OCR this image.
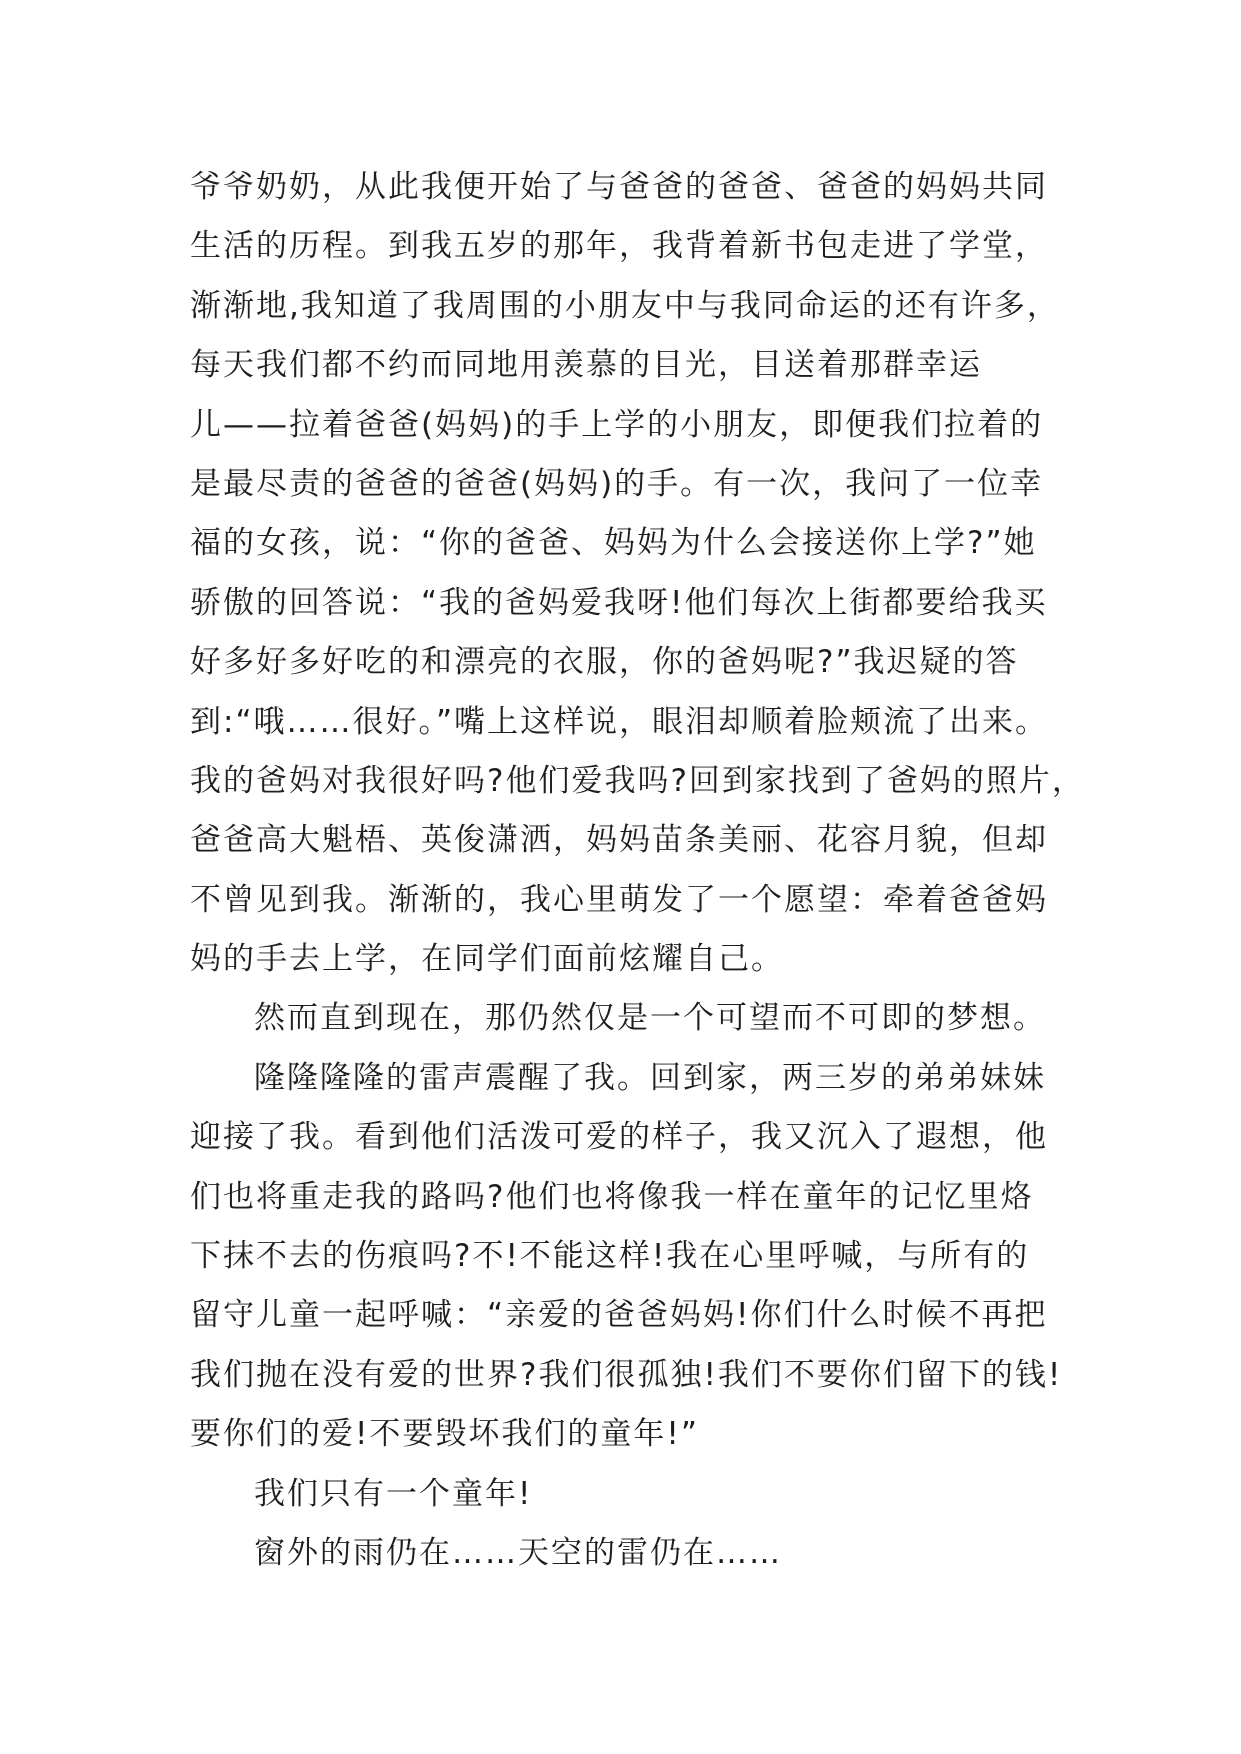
爷爷奶奶，从此我便开始了与爸爸的爸爸、爸爸的妈妈共同
生活的历程。到我五岁的那年，我背着新书包走进了学堂，
渐渐地,我知道了我周围的小朋友中与我同命运的还有许多，
每天我们都不约而同地用羡慕的目光，目送着那群幸运
儿——拉着爸爸(妈妈)的手上学的小朋友，即便我们拉着的
是最尽责的爸爸的爸爸(妈妈)的手。有一次，我问了一位幸
福的女孩，说：“你的爸爸、妈妈为什么会接送你上学?”她
骄傲的回答说：“我的爸妈爱我呀!他们每次上街都要给我买
好多好多好吃的和漂亮的衣服，你的爸妈呢?”我迟疑的答
到:“哦……很好。”嘴上这样说，眼泪却顺着脸颊流了出来。
我的爸妈对我很好吗?他们爱我吗?回到家找到了爸妈的照片，
爸爸高大魁梧、英俊潇洒，妈妈苗条美丽、花容月貌，但却
不曾见到我。渐渐的，我心里萌发了一个愿望：牵着爸爸妈
妈的手去上学，在同学们面前炫耀自己。
然而直到现在，那仍然仅是一个可望而不可即的梦想。
隆隆隆隆的雷声震醒了我。回到家，两三岁的弟弟妹妹
迎接了我。看到他们活泼可爱的样子，我又沉入了遐想，他
们也将重走我的路吗?他们也将像我一样在童年的记忆里烙
下抹不去的伤痕吗?不!不能这样!我在心里呼喊，与所有的
留守儿童一起呼喊：“亲爱的爸爸妈妈!你们什么时候不再把
我们抛在没有爱的世界?我们很孤独!我们不要你们留下的钱!
要你们的爱!不要毁坏我们的童年!”
我们只有一个童年!
窗外的雨仍在……天空的雷仍在……
